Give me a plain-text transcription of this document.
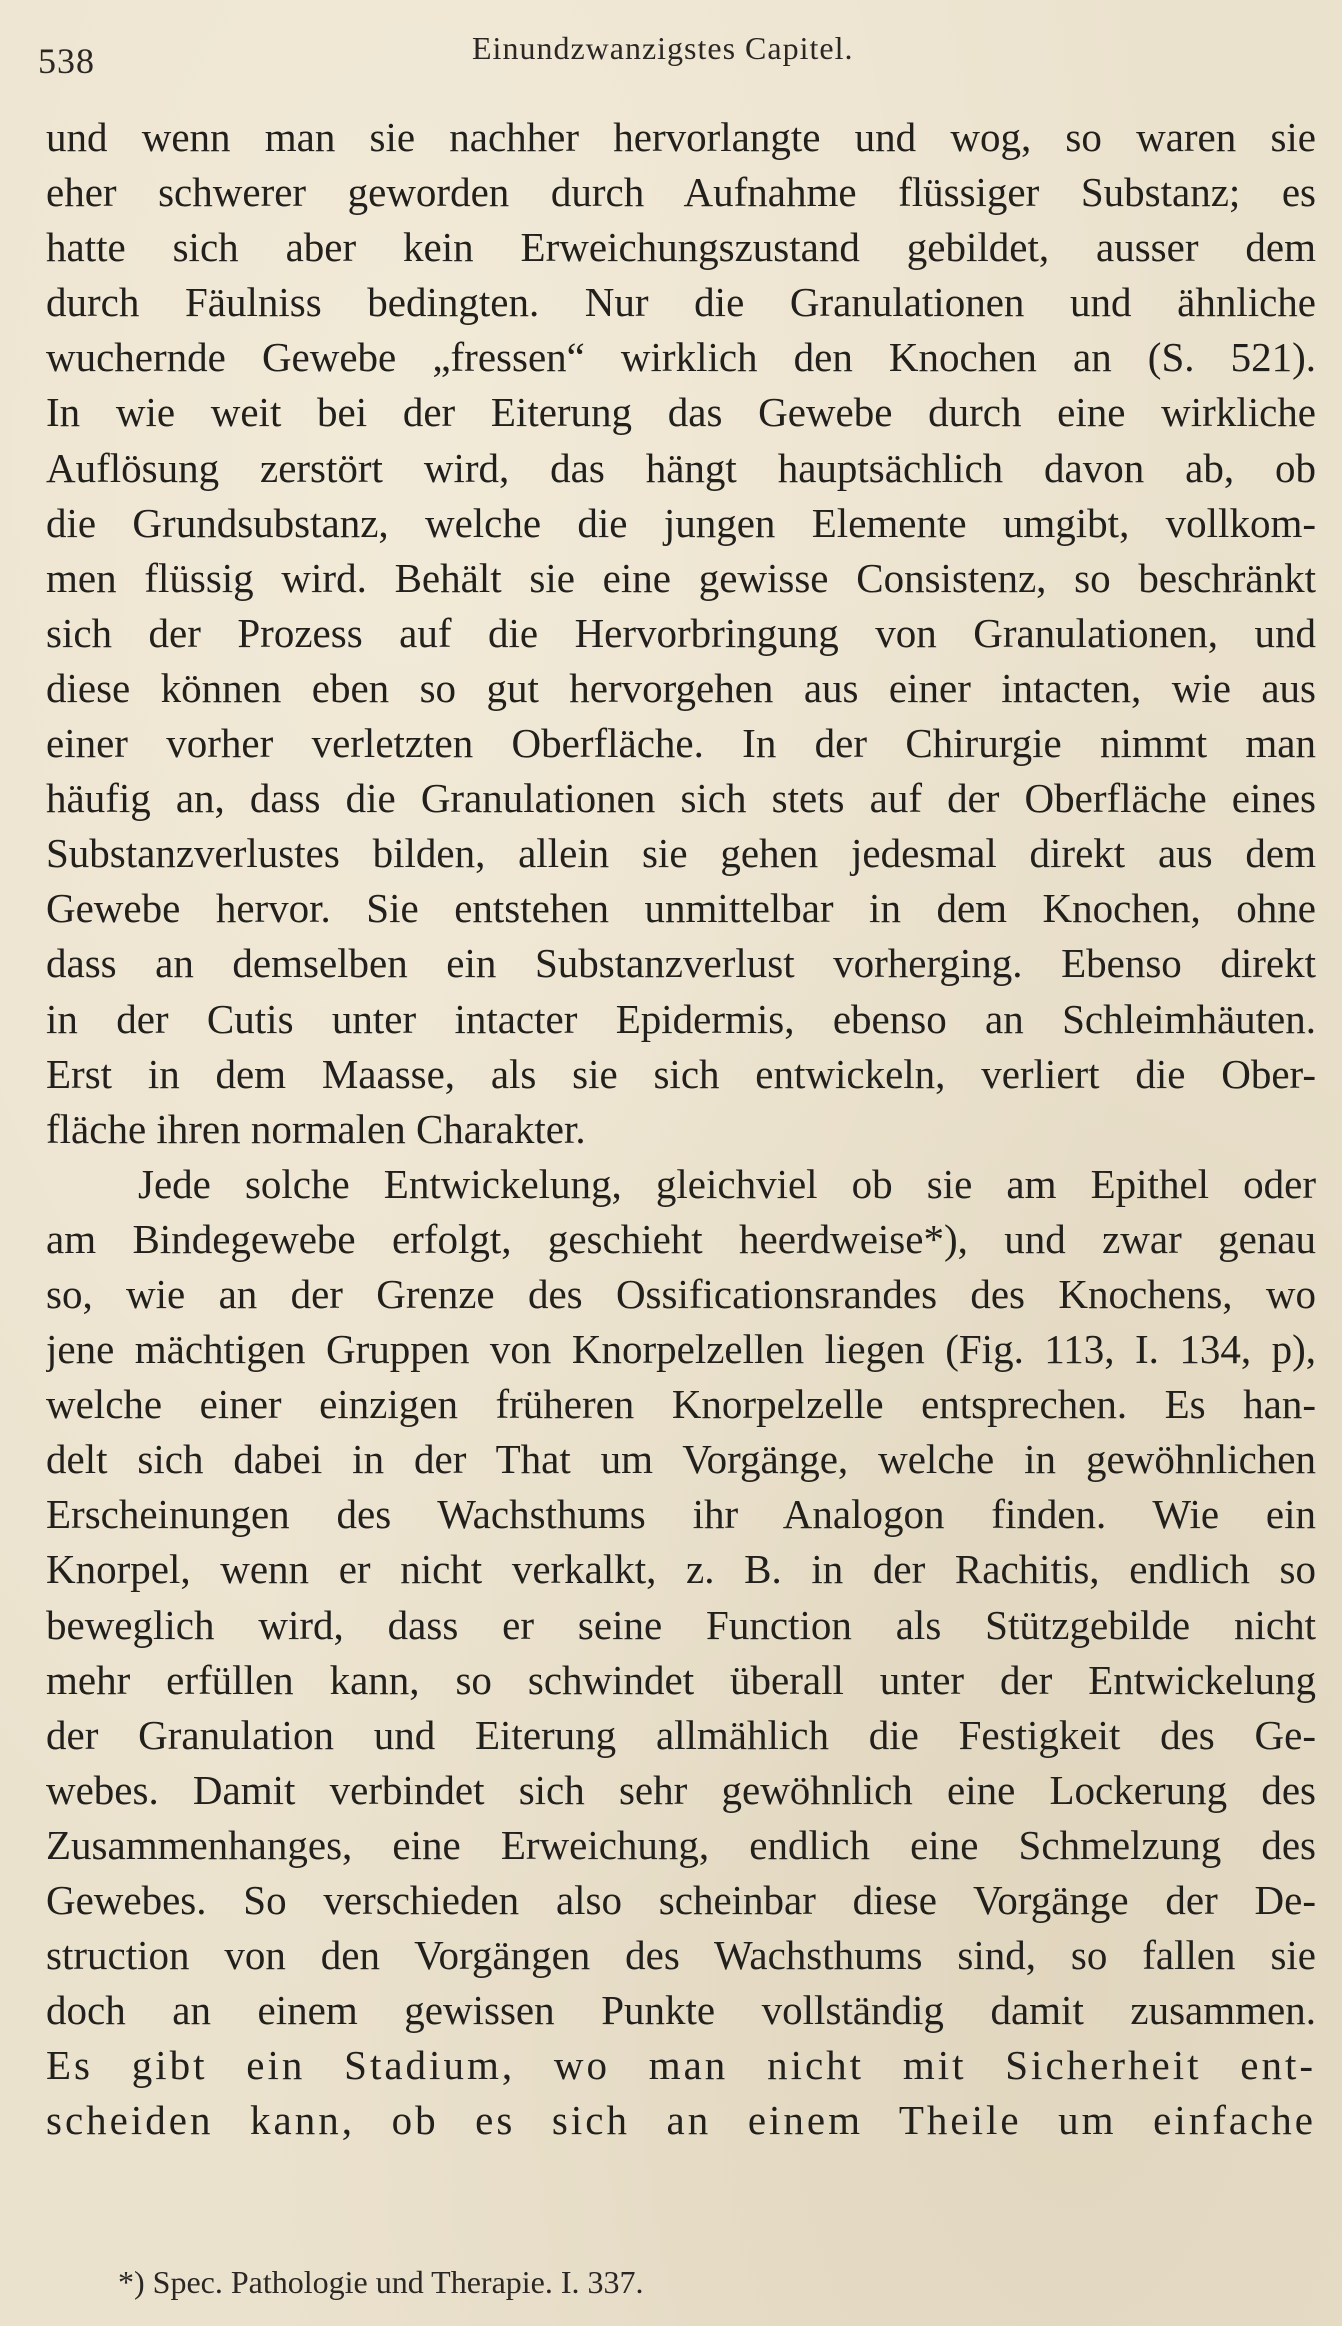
538	Einundzwanzigstes Capitel.
und wenn man sie nachher hervorlangte und wog, so waren sie
eher schwerer geworden durch Aufnahme flüssiger Substanz; es
hatte sich aber kein Erweichungszustand gebildet, ausser dem
durch Fäulniss bedingten. Nur die Granulationen und ähnliche
wuchernde Gewebe „fressen“ wirklich den Knochen an (S. 521).
In wie weit bei der Eiterung das Gewebe durch eine wirkliche
Auflösung zerstört wird, das hängt hauptsächlich davon ab, ob
die Grundsubstanz, welche die jungen Elemente umgibt, vollkom-
men flüssig wird. Behält sie eine gewisse Consistenz, so beschränkt
sich der Prozess auf die Hervorbringung von Granulationen, und
diese können eben so gut hervorgehen aus einer intacten, wie aus
einer vorher verletzten Oberfläche. In der Chirurgie nimmt man
häufig an, dass die Granulationen sich stets auf der Oberfläche eines
Substanzverlustes bilden, allein sie gehen jedesmal direkt aus dem
Gewebe hervor. Sie entstehen unmittelbar in dem Knochen, ohne
dass an demselben ein Substanzverlust vorherging. Ebenso direkt
in der Cutis unter intacter Epidermis, ebenso an Schleimhäuten.
Erst in dem Maasse, als sie sich entwickeln, verliert die Ober-
fläche ihren normalen Charakter.
Jede solche Entwickelung, gleichviel ob sie am Epithel oder
am Bindegewebe erfolgt, geschieht heerdweise*), und zwar genau
so, wie an der Grenze des Ossificationsrandes des Knochens, wo
jene mächtigen Gruppen von Knorpelzellen liegen (Fig. 113, I. 134, p),
welche einer einzigen früheren Knorpelzelle entsprechen. Es han-
delt sich dabei in der That um Vorgänge, welche in gewöhnlichen
Erscheinungen des Wachsthums ihr Analogon finden. Wie ein
Knorpel, wenn er nicht verkalkt, z. B. in der Rachitis, endlich so
beweglich wird, dass er seine Function als Stützgebilde nicht
mehr erfüllen kann, so schwindet überall unter der Entwickelung
der Granulation und Eiterung allmählich die Festigkeit des Ge-
webes. Damit verbindet sich sehr gewöhnlich eine Lockerung des
Zusammenhanges, eine Erweichung, endlich eine Schmelzung des
Gewebes. So verschieden also scheinbar diese Vorgänge der De-
struction von den Vorgängen des Wachsthums sind, so fallen sie
doch an einem gewissen Punkte vollständig damit zusammen.
Es gibt ein Stadium, wo man nicht mit Sicherheit ent-
scheiden kann, ob es sich an einem Theile um einfache
*) Spec. Pathologie und Therapie. I. 337.
